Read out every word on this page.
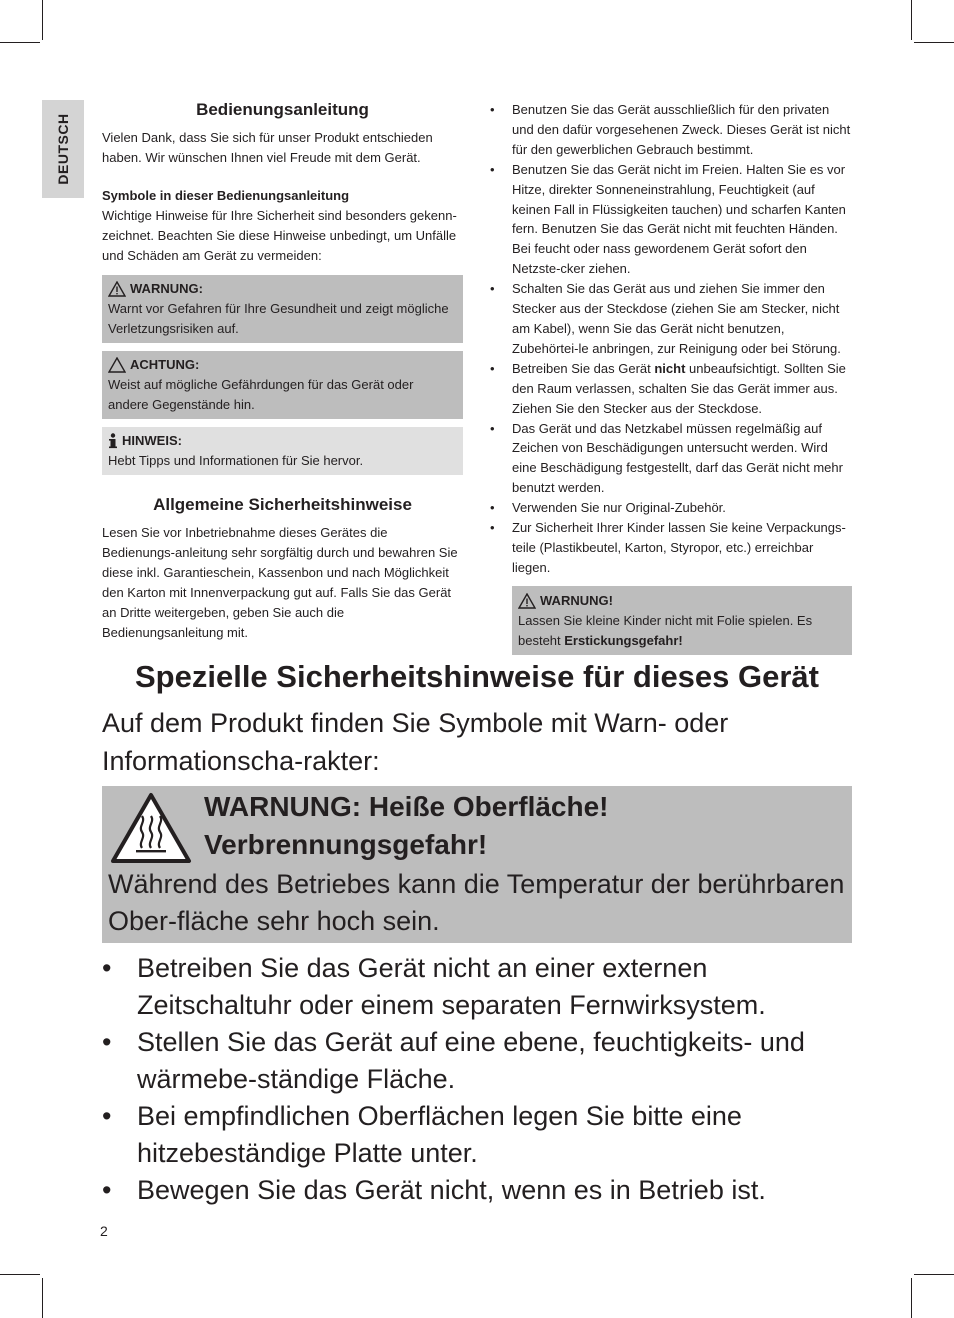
DEUTSCH
Bedienungsanleitung

Vielen Dank, dass Sie sich für unser Produkt entschieden haben. Wir wünschen Ihnen viel Freude mit dem Gerät.

Symbole in dieser Bedienungsanleitung

Wichtige Hinweise für Ihre Sicherheit sind besonders gekenn-zeichnet. Beachten Sie diese Hinweise unbedingt, um Unfälle und Schäden am Gerät zu vermeiden:

WARNUNG:

Warnt vor Gefahren für Ihre Gesundheit und zeigt mögliche Verletzungsrisiken auf.

ACHTUNG:

Weist auf mögliche Gefährdungen für das Gerät oder andere Gegenstände hin.

HINWEIS:

Hebt Tipps und Informationen für Sie hervor.

Allgemeine Sicherheitshinweise

Lesen Sie vor Inbetriebnahme dieses Gerätes die Bedienungs-anleitung sehr sorgfältig durch und bewahren Sie diese inkl. Garantieschein, Kassenbon und nach Möglichkeit den Karton mit Innenverpackung gut auf. Falls Sie das Gerät an Dritte weitergeben, geben Sie auch die Bedienungsanleitung mit.

• Benutzen Sie das Gerät ausschließlich für den privaten und den dafür vorgesehenen Zweck. Dieses Gerät ist nicht für den gewerblichen Gebrauch bestimmt.
• Benutzen Sie das Gerät nicht im Freien. Halten Sie es vor Hitze, direkter Sonneneinstrahlung, Feuchtigkeit (auf keinen Fall in Flüssigkeiten tauchen) und scharfen Kanten fern. Benutzen Sie das Gerät nicht mit feuchten Händen. Bei feucht oder nass gewordenem Gerät sofort den Netzste-cker ziehen.
• Schalten Sie das Gerät aus und ziehen Sie immer den Stecker aus der Steckdose (ziehen Sie am Stecker, nicht am Kabel), wenn Sie das Gerät nicht benutzen, Zubehörtei-le anbringen, zur Reinigung oder bei Störung.
• Betreiben Sie das Gerät nicht unbeaufsichtigt. Sollten Sie den Raum verlassen, schalten Sie das Gerät immer aus. Ziehen Sie den Stecker aus der Steckdose.
• Das Gerät und das Netzkabel müssen regelmäßig auf Zeichen von Beschädigungen untersucht werden. Wird eine Beschädigung festgestellt, darf das Gerät nicht mehr benutzt werden.
• Verwenden Sie nur Original-Zubehör.
• Zur Sicherheit Ihrer Kinder lassen Sie keine Verpackungs-teile (Plastikbeutel, Karton, Styropor, etc.) erreichbar liegen.
WARNUNG!

Lassen Sie kleine Kinder nicht mit Folie spielen. Es besteht Erstickungsgefahr!

Spezielle Sicherheitshinweise für dieses Gerät

Auf dem Produkt finden Sie Symbole mit Warn- oder Informationscha-rakter:

WARNUNG: Heiße Oberfläche!
Verbrennungsgefahr!

Während des Betriebes kann die Temperatur der berührbaren Ober-fläche sehr hoch sein.

• Betreiben Sie das Gerät nicht an einer externen Zeitschaltuhr oder einem separaten Fernwirksystem.
• Stellen Sie das Gerät auf eine ebene, feuchtigkeits- und wärmebe-ständige Fläche.
• Bei empfindlichen Oberflächen legen Sie bitte eine hitzebeständige Platte unter.
• Bewegen Sie das Gerät nicht, wenn es in Betrieb ist.
2
